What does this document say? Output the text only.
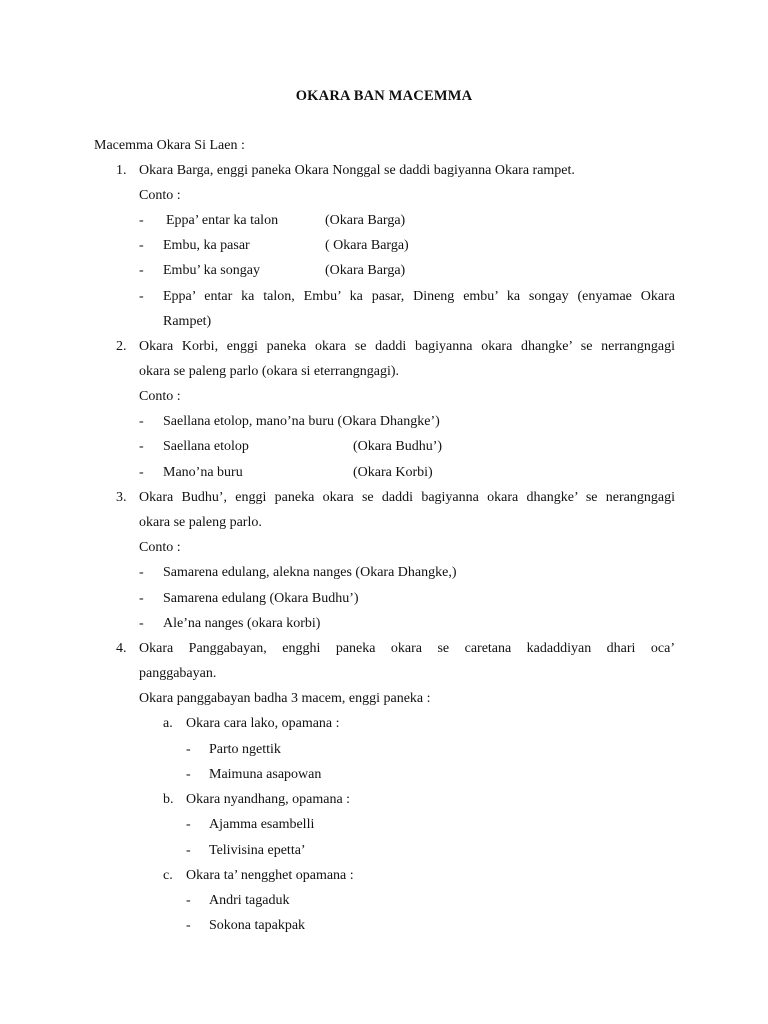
OKARA BAN MACEMMA
Macemma Okara Si Laen :
1. Okara Barga, enggi paneka Okara Nonggal se daddi bagiyanna Okara rampet.
Conto :
- Eppa’ entar ka talon	(Okara Barga)
- Embu, ka pasar	( Okara Barga)
- Embu’ ka songay	(Okara Barga)
- Eppa’ entar ka talon, Embu’ ka pasar, Dineng embu’ ka songay (enyamae Okara
Rampet)
2. Okara Korbi, enggi paneka okara se daddi bagiyanna okara dhangke’ se nerrangngagi
okara se paleng parlo (okara si eterrangngagi).
Conto :
- Saellana etolop, mano’na buru (Okara Dhangke’)
- Saellana etolop	(Okara Budhu’)
- Mano’na buru	(Okara Korbi)
3. Okara Budhu’, enggi paneka okara se daddi bagiyanna okara dhangke’ se nerangngagi
okara se paleng parlo.
Conto :
- Samarena edulang, alekna nanges (Okara Dhangke,)
- Samarena edulang (Okara Budhu’)
- Ale’na nanges (okara korbi)
4. Okara Panggabayan, engghi paneka okara se caretana kadaddiyan dhari oca’
panggabayan.
Okara panggabayan badha 3 macem, enggi paneka :
a. Okara cara lako, opamana :
- Parto ngettik
- Maimuna asapowan
b. Okara nyandhang, opamana :
- Ajamma esambelli
- Telivisina epetta’
c. Okara ta’ nengghet opamana :
- Andri tagaduk
- Sokona tapakpak
